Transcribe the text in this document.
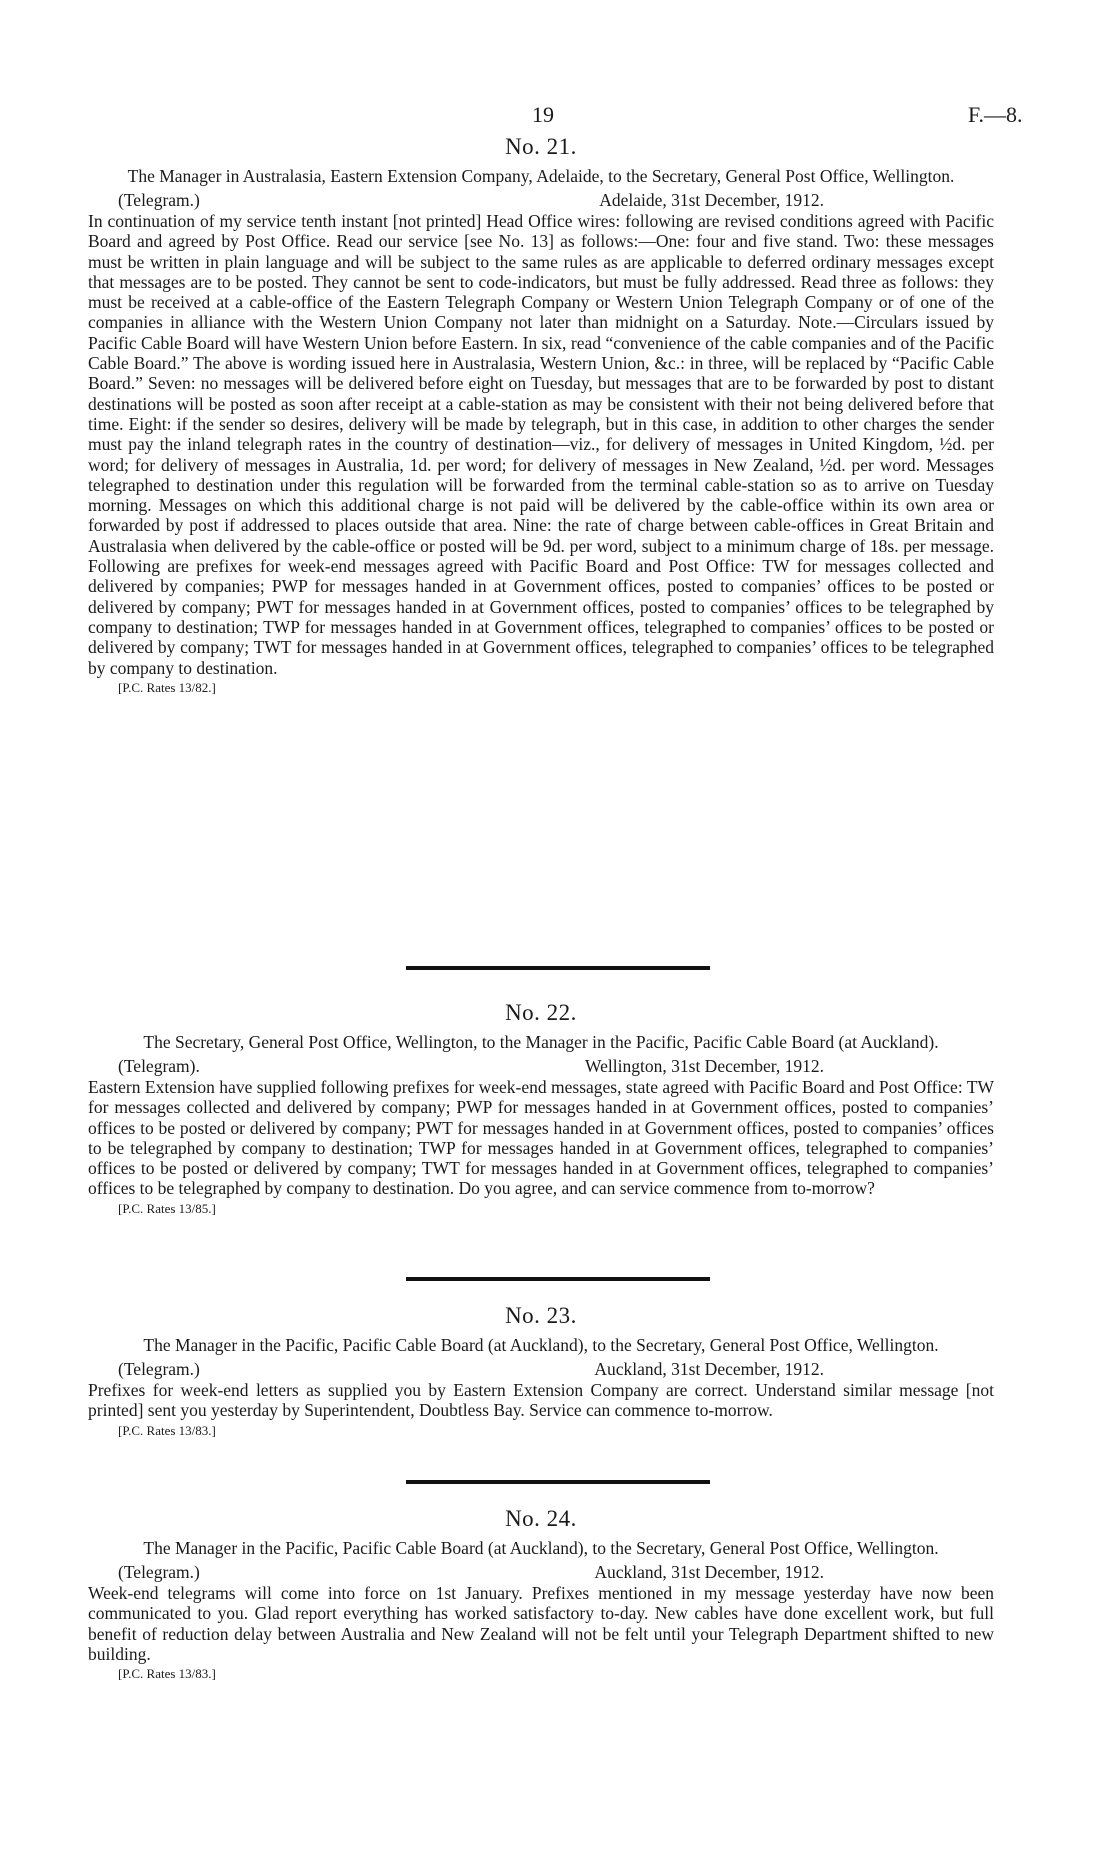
19	F.—8.
No. 21.
The Manager in Australasia, Eastern Extension Company, Adelaide, to the Secretary, General Post Office, Wellington.
(Telegram.)	Adelaide, 31st December, 1912.

In continuation of my service tenth instant [not printed] Head Office wires: following are revised conditions agreed with Pacific Board and agreed by Post Office. Read our service [see No. 13] as follows:—One: four and five stand. Two: these messages must be written in plain language and will be subject to the same rules as are applicable to deferred ordinary messages except that messages are to be posted. They cannot be sent to code-indicators, but must be fully addressed. Read three as follows: they must be received at a cable-office of the Eastern Telegraph Company or Western Union Telegraph Company or of one of the companies in alliance with the Western Union Company not later than midnight on a Saturday. Note.—Circulars issued by Pacific Cable Board will have Western Union before Eastern. In six, read “convenience of the cable companies and of the Pacific Cable Board.” The above is wording issued here in Australasia, Western Union, &c.: in three, will be replaced by “Pacific Cable Board.” Seven: no messages will be delivered before eight on Tuesday, but messages that are to be forwarded by post to distant destinations will be posted as soon after receipt at a cable-station as may be consistent with their not being delivered before that time. Eight: if the sender so desires, delivery will be made by telegraph, but in this case, in addition to other charges the sender must pay the inland telegraph rates in the country of destination—viz., for delivery of messages in United Kingdom, ½d. per word; for delivery of messages in Australia, 1d. per word; for delivery of messages in New Zealand, ½d. per word. Messages telegraphed to destination under this regulation will be forwarded from the terminal cable-station so as to arrive on Tuesday morning. Messages on which this additional charge is not paid will be delivered by the cable-office within its own area or forwarded by post if addressed to places outside that area. Nine: the rate of charge between cable-offices in Great Britain and Australasia when delivered by the cable-office or posted will be 9d. per word, subject to a minimum charge of 18s. per message. Following are prefixes for week-end messages agreed with Pacific Board and Post Office: TW for messages collected and delivered by companies; PWP for messages handed in at Government offices, posted to companies’ offices to be posted or delivered by company; PWT for messages handed in at Government offices, posted to companies’ offices to be telegraphed by company to destination; TWP for messages handed in at Government offices, telegraphed to companies’ offices to be posted or delivered by company; TWT for messages handed in at Government offices, telegraphed to companies’ offices to be telegraphed by company to destination.

[P.C. Rates 13/82.]
No. 22.
The Secretary, General Post Office, Wellington, to the Manager in the Pacific, Pacific Cable Board (at Auckland).
(Telegram).	Wellington, 31st December, 1912.

Eastern Extension have supplied following prefixes for week-end messages, state agreed with Pacific Board and Post Office: TW for messages collected and delivered by company; PWP for messages handed in at Government offices, posted to companies’ offices to be posted or delivered by company; PWT for messages handed in at Government offices, posted to companies’ offices to be telegraphed by company to destination; TWP for messages handed in at Government offices, telegraphed to companies’ offices to be posted or delivered by company; TWT for messages handed in at Government offices, telegraphed to companies’ offices to be telegraphed by company to destination. Do you agree, and can service commence from to-morrow?

[P.C. Rates 13/85.]
No. 23.
The Manager in the Pacific, Pacific Cable Board (at Auckland), to the Secretary, General Post Office, Wellington.
(Telegram.)	Auckland, 31st December, 1912.

Prefixes for week-end letters as supplied you by Eastern Extension Company are correct. Understand similar message [not printed] sent you yesterday by Superintendent, Doubtless Bay. Service can commence to-morrow.

[P.C. Rates 13/83.]
No. 24.
The Manager in the Pacific, Pacific Cable Board (at Auckland), to the Secretary, General Post Office, Wellington.
(Telegram.)	Auckland, 31st December, 1912.

Week-end telegrams will come into force on 1st January. Prefixes mentioned in my message yesterday have now been communicated to you. Glad report everything has worked satisfactory to-day. New cables have done excellent work, but full benefit of reduction delay between Australia and New Zealand will not be felt until your Telegraph Department shifted to new building.

[P.C. Rates 13/83.]
